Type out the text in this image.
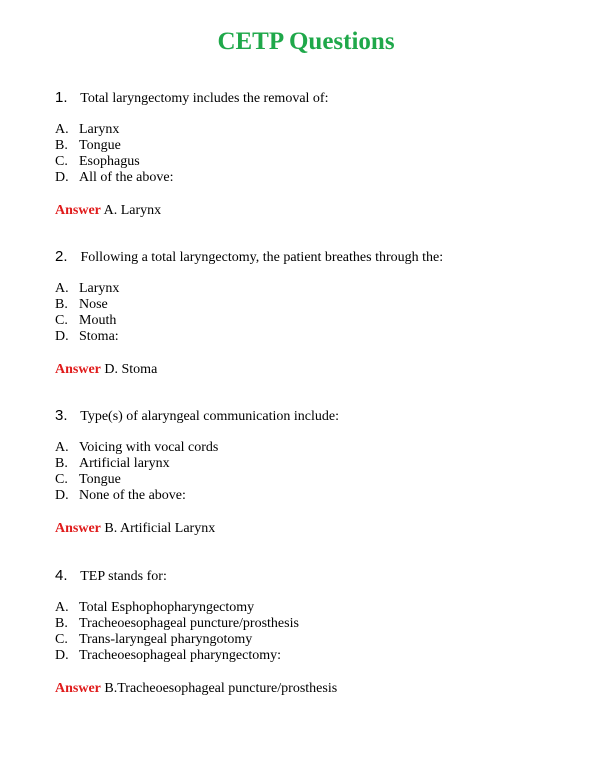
CETP Questions
1. Total laryngectomy includes the removal of:
A. Larynx
B. Tongue
C. Esophagus
D. All of the above:
Answer A. Larynx
2. Following a total laryngectomy, the patient breathes through the:
A. Larynx
B. Nose
C. Mouth
D. Stoma:
Answer D. Stoma
3. Type(s) of alaryngeal communication include:
A. Voicing with vocal cords
B. Artificial larynx
C. Tongue
D. None of the above:
Answer B. Artificial Larynx
4. TEP stands for:
A. Total Esphophopharyngectomy
B. Tracheoesophageal puncture/prosthesis
C. Trans-laryngeal pharyngotomy
D. Tracheoesophageal pharyngectomy:
Answer B.Tracheoesophageal puncture/prosthesis
